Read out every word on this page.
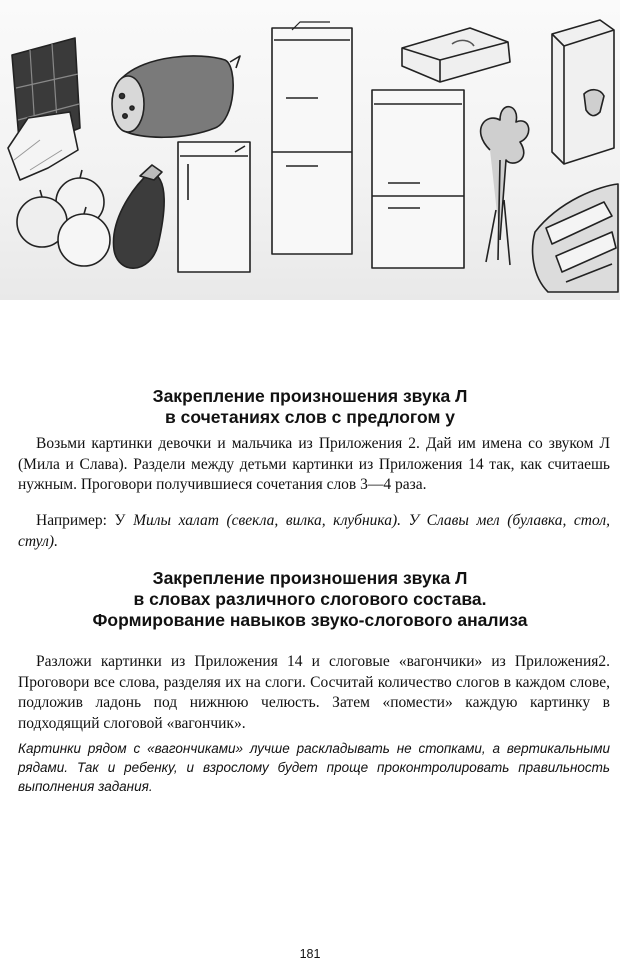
Закрепление произношения звука Л
в сочетаниях слов с предлогом у

Возьми картинки девочки и мальчика из Приложения 2. Дай им имена со звуком Л (Мила и Слава). Раздели между детьми картинки из Приложения 14 так, как считаешь нужным. Проговори получившиеся сочетания слов 3—4 раза.

Например: У Милы халат (свекла, вилка, клубника). У Славы мел (булавка, стол, стул).

Закрепление произношения звука Л
в словах различного слогового состава.
Формирование навыков звуко-слогового анализа

Разложи картинки из Приложения 14 и слоговые «вагончики» из Приложения2. Проговори все слова, разделяя их на слоги. Сосчитай количество слогов в каждом слове, подложив ладонь под нижнюю челюсть. Затем «помести» каждую картинку в подходящий слоговой «вагончик».

Картинки рядом с «вагончиками» лучше раскладывать не стопками, а вертикальными рядами. Так и ребенку, и взрослому будет проще проконтролировать правильность выполнения задания.

181
